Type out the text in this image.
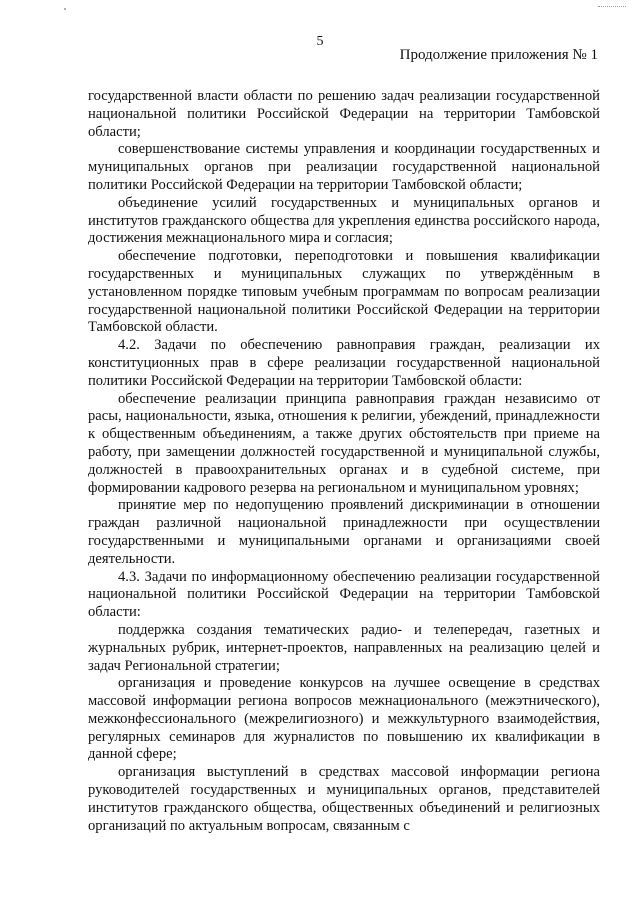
5
Продолжение приложения № 1

государственной власти области по решению задач реализации государственной национальной политики Российской Федерации на территории Тамбовской области;

совершенствование системы управления и координации государственных и муниципальных органов при реализации государственной национальной политики Российской Федерации на территории Тамбовской области;

объединение усилий государственных и муниципальных органов и институтов гражданского общества для укрепления единства российского народа, достижения межнационального мира и согласия;

обеспечение подготовки, переподготовки и повышения квалификации государственных и муниципальных служащих по утверждённым в установленном порядке типовым учебным программам по вопросам реализации государственной национальной политики Российской Федерации на территории Тамбовской области.

4.2. Задачи по обеспечению равноправия граждан, реализации их конституционных прав в сфере реализации государственной национальной политики Российской Федерации на территории Тамбовской области:

обеспечение реализации принципа равноправия граждан независимо от расы, национальности, языка, отношения к религии, убеждений, принадлежности к общественным объединениям, а также других обстоятельств при приеме на работу, при замещении должностей государственной и муниципальной службы, должностей в правоохранительных органах и в судебной системе, при формировании кадрового резерва на региональном и муниципальном уровнях;

принятие мер по недопущению проявлений дискриминации в отношении граждан различной национальной принадлежности при осуществлении государственными и муниципальными органами и организациями своей деятельности.

4.3. Задачи по информационному обеспечению реализации государственной национальной политики Российской Федерации на территории Тамбовской области:

поддержка создания тематических радио- и телепередач, газетных и журнальных рубрик, интернет-проектов, направленных на реализацию целей и задач Региональной стратегии;

организация и проведение конкурсов на лучшее освещение в средствах массовой информации региона вопросов межнационального (межэтнического), межконфессионального (межрелигиозного) и межкультурного взаимодействия, регулярных семинаров для журналистов по повышению их квалификации в данной сфере;

организация выступлений в средствах массовой информации региона руководителей государственных и муниципальных органов, представителей институтов гражданского общества, общественных объединений и религиозных организаций по актуальным вопросам, связанным с
